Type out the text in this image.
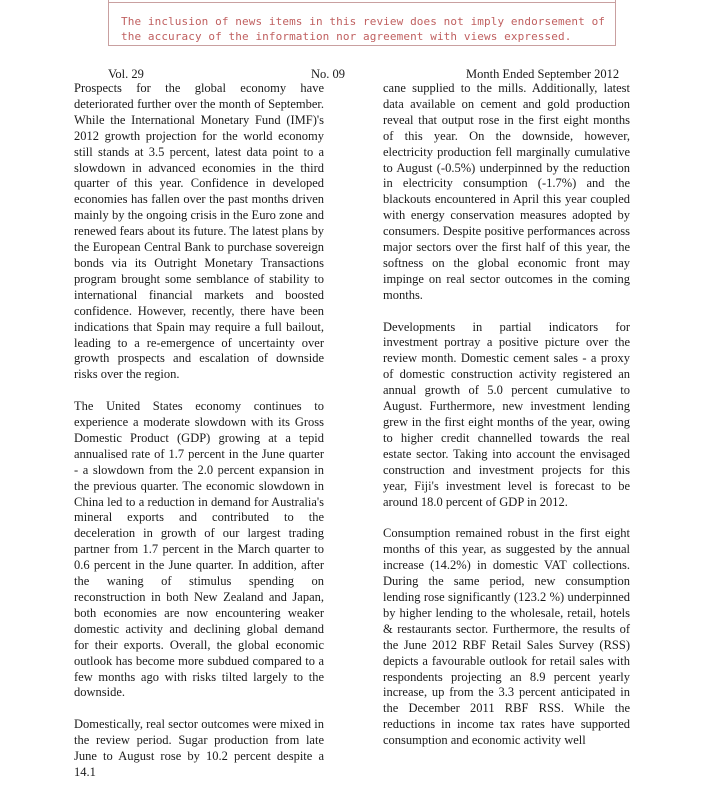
The inclusion of news items in this review does not imply endorsement of the accuracy of the information nor agreement with views expressed.
Vol. 29	No. 09	Month Ended September 2012

Prospects for the global economy have deteriorated further over the month of September. While the International Monetary Fund (IMF)'s 2012 growth projection for the world economy still stands at 3.5 percent, latest data point to a slowdown in advanced economies in the third quarter of this year. Confidence in developed economies has fallen over the past months driven mainly by the ongoing crisis in the Euro zone and renewed fears about its future. The latest plans by the European Central Bank to purchase sovereign bonds via its Outright Monetary Transactions program brought some semblance of stability to international financial markets and boosted confidence. However, recently, there have been indications that Spain may require a full bailout, leading to a re-emergence of uncertainty over growth prospects and escalation of downside risks over the region.

The United States economy continues to experience a moderate slowdown with its Gross Domestic Product (GDP) growing at a tepid annualised rate of 1.7 percent in the June quarter - a slowdown from the 2.0 percent expansion in the previous quarter. The economic slowdown in China led to a reduction in demand for Australia's mineral exports and contributed to the deceleration in growth of our largest trading partner from 1.7 percent in the March quarter to 0.6 percent in the June quarter. In addition, after the waning of stimulus spending on reconstruction in both New Zealand and Japan, both economies are now encountering weaker domestic activity and declining global demand for their exports. Overall, the global economic outlook has become more subdued compared to a few months ago with risks tilted largely to the downside.

Domestically, real sector outcomes were mixed in the review period. Sugar production from late June to August rose by 10.2 percent despite a 14.1

cane supplied to the mills. Additionally, latest data available on cement and gold production reveal that output rose in the first eight months of this year. On the downside, however, electricity production fell marginally cumulative to August (-0.5%) underpinned by the reduction in electricity consumption (-1.7%) and the blackouts encountered in April this year coupled with energy conservation measures adopted by consumers. Despite positive performances across major sectors over the first half of this year, the softness on the global economic front may impinge on real sector outcomes in the coming months.

Developments in partial indicators for investment portray a positive picture over the review month. Domestic cement sales - a proxy of domestic construction activity registered an annual growth of 5.0 percent cumulative to August. Furthermore, new investment lending grew in the first eight months of the year, owing to higher credit channelled towards the real estate sector. Taking into account the envisaged construction and investment projects for this year, Fiji's investment level is forecast to be around 18.0 percent of GDP in 2012.

Consumption remained robust in the first eight months of this year, as suggested by the annual increase (14.2%) in domestic VAT collections. During the same period, new consumption lending rose significantly (123.2 %) underpinned by higher lending to the wholesale, retail, hotels & restaurants sector. Furthermore, the results of the June 2012 RBF Retail Sales Survey (RSS) depicts a favourable outlook for retail sales with respondents projecting an 8.9 percent yearly increase, up from the 3.3 percent anticipated in the December 2011 RBF RSS. While the reductions in income tax rates have supported consumption and economic activity well
